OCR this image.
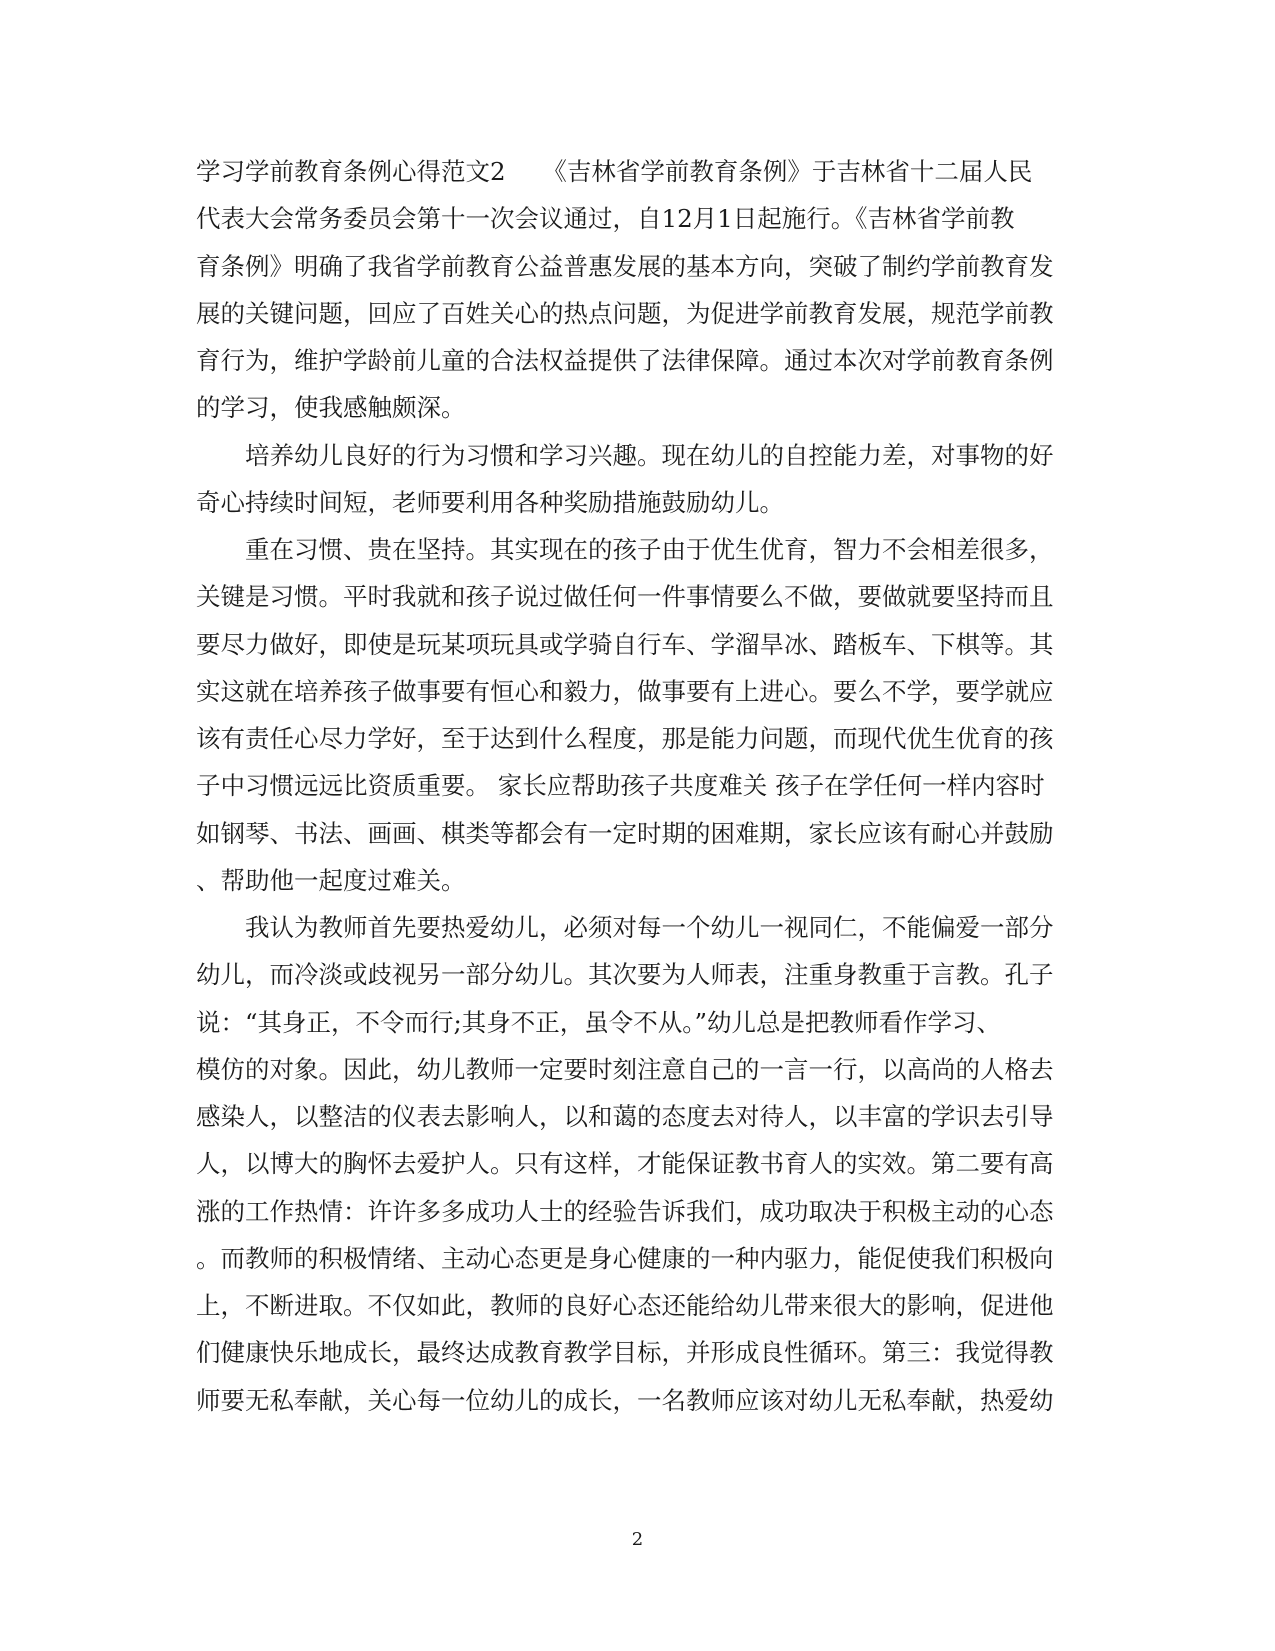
学习学前教育条例心得范文2　　《吉林省学前教育条例》于吉林省十二届人民
代表大会常务委员会第十一次会议通过，自12月1日起施行。《吉林省学前教
育条例》明确了我省学前教育公益普惠发展的基本方向，突破了制约学前教育发
展的关键问题，回应了百姓关心的热点问题，为促进学前教育发展，规范学前教
育行为，维护学龄前儿童的合法权益提供了法律保障。通过本次对学前教育条例
的学习，使我感触颇深。
　　培养幼儿良好的行为习惯和学习兴趣。现在幼儿的自控能力差，对事物的好
奇心持续时间短，老师要利用各种奖励措施鼓励幼儿。
　　重在习惯、贵在坚持。其实现在的孩子由于优生优育，智力不会相差很多，
关键是习惯。平时我就和孩子说过做任何一件事情要么不做，要做就要坚持而且
要尽力做好，即使是玩某项玩具或学骑自行车、学溜旱冰、踏板车、下棋等。其
实这就在培养孩子做事要有恒心和毅力，做事要有上进心。要么不学，要学就应
该有责任心尽力学好，至于达到什么程度，那是能力问题，而现代优生优育的孩
子中习惯远远比资质重要。 家长应帮助孩子共度难关 孩子在学任何一样内容时
如钢琴、书法、画画、棋类等都会有一定时期的困难期，家长应该有耐心并鼓励
、帮助他一起度过难关。
　　我认为教师首先要热爱幼儿，必须对每一个幼儿一视同仁，不能偏爱一部分
幼儿，而冷淡或歧视另一部分幼儿。其次要为人师表，注重身教重于言教。孔子
说：“其身正，不令而行;其身不正，虽令不从。”幼儿总是把教师看作学习、
模仿的对象。因此，幼儿教师一定要时刻注意自己的一言一行，以高尚的人格去
感染人，以整洁的仪表去影响人，以和蔼的态度去对待人，以丰富的学识去引导
人，以博大的胸怀去爱护人。只有这样，才能保证教书育人的实效。第二要有高
涨的工作热情：许许多多成功人士的经验告诉我们，成功取决于积极主动的心态
。而教师的积极情绪、主动心态更是身心健康的一种内驱力，能促使我们积极向
上，不断进取。不仅如此，教师的良好心态还能给幼儿带来很大的影响，促进他
们健康快乐地成长，最终达成教育教学目标，并形成良性循环。第三：我觉得教
师要无私奉献，关心每一位幼儿的成长，一名教师应该对幼儿无私奉献，热爱幼
2
